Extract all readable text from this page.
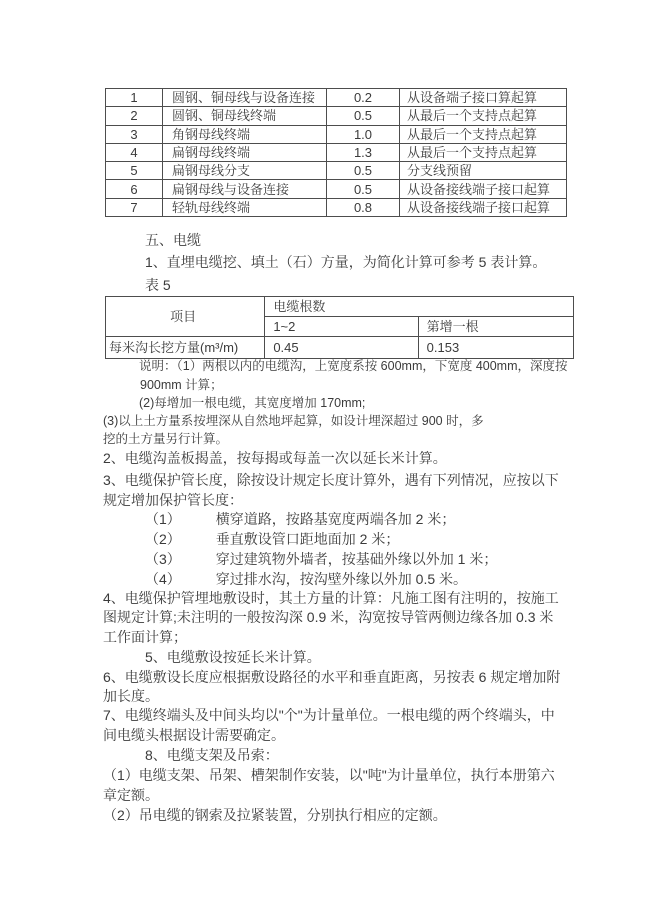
1	圆钢、铜母线与设备连接	0.2	从设备端子接口算起算
2	圆钢、铜母线终端	0.5	从最后一个支持点起算
3	角钢母线终端	1.0	从最后一个支持点起算
4	扁钢母线终端	1.3	从最后一个支持点起算
5	扁钢母线分支	0.5	分支线预留
6	扁钢母线与设备连接	0.5	从设备接线端子接口起算
7	轻轨母线终端	0.8	从设备接线端子接口起算
五、电缆
1、直埋电缆挖、填土（石）方量，为简化计算可参考 5 表计算。
表 5
项目	电缆根数	
	1~2	第增一根
每米沟长挖方量(m³/m)	0.45	0.153
说明：（1）两根以内的电缆沟，上宽度系按 600mm，下宽度 400mm，深度按
900mm 计算；
(2)每增加一根电缆，其宽度增加 170mm;
(3)以上土方量系按埋深从自然地坪起算，如设计埋深超过 900 时，多
挖的土方量另行计算。
2、电缆沟盖板揭盖，按每揭或每盖一次以延长米计算。
3、电缆保护管长度，除按设计规定长度计算外，遇有下列情况，应按以下
规定增加保护管长度：
（1）	横穿道路，按路基宽度两端各加 2 米；
（2）	垂直敷设管口距地面加 2 米；
（3）	穿过建筑物外墙者，按基础外缘以外加 1 米；
（4）	穿过排水沟，按沟壁外缘以外加 0.5 米。
4、电缆保护管埋地敷设时，其土方量的计算：凡施工图有注明的，按施工
图规定计算;未注明的一般按沟深 0.9 米，沟宽按导管两侧边缘各加 0.3 米
工作面计算；
5、电缆敷设按延长米计算。
6、电缆敷设长度应根据敷设路径的水平和垂直距离，另按表 6 规定增加附
加长度。
7、电缆终端头及中间头均以"个"为计量单位。一根电缆的两个终端头，中
间电缆头根据设计需要确定。
8、电缆支架及吊索：
（1）电缆支架、吊架、槽架制作安装，以"吨"为计量单位，执行本册第六
章定额。
（2）吊电缆的钢索及拉紧装置，分别执行相应的定额。
